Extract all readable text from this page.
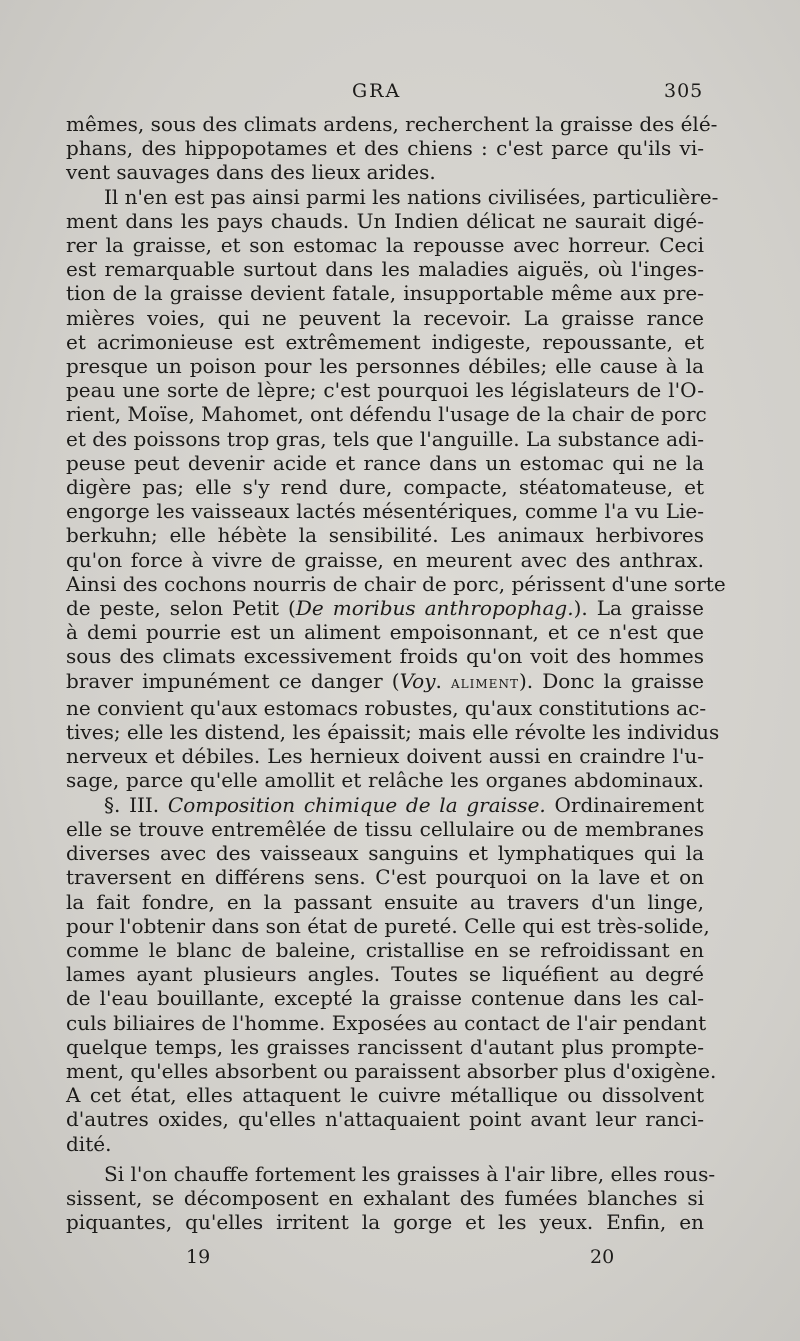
GRA	305
mêmes, sous des climats ardens, recherchent la graisse des élé-
phans, des hippopotames et des chiens : c'est parce qu'ils vi-
vent sauvages dans des lieux arides.
Il n'en est pas ainsi parmi les nations civilisées, particulière-
ment dans les pays chauds. Un Indien délicat ne saurait digé-
rer la graisse, et son estomac la repousse avec horreur. Ceci
est remarquable surtout dans les maladies aiguës, où l'inges-
tion de la graisse devient fatale, insupportable même aux pre-
mières voies, qui ne peuvent la recevoir. La graisse rance
et acrimonieuse est extrêmement indigeste, repoussante, et
presque un poison pour les personnes débiles; elle cause à la
peau une sorte de lèpre; c'est pourquoi les législateurs de l'O-
rient, Moïse, Mahomet, ont défendu l'usage de la chair de porc
et des poissons trop gras, tels que l'anguille. La substance adi-
peuse peut devenir acide et rance dans un estomac qui ne la
digère pas; elle s'y rend dure, compacte, stéatomateuse, et
engorge les vaisseaux lactés mésentériques, comme l'a vu Lie-
berkuhn; elle hébète la sensibilité. Les animaux herbivores
qu'on force à vivre de graisse, en meurent avec des anthrax.
Ainsi des cochons nourris de chair de porc, périssent d'une sorte
de peste, selon Petit (De moribus anthropophag.). La graisse
à demi pourrie est un aliment empoisonnant, et ce n'est que
sous des climats excessivement froids qu'on voit des hommes
braver impunément ce danger (Voy. ALIMENT). Donc la graisse
ne convient qu'aux estomacs robustes, qu'aux constitutions ac-
tives; elle les distend, les épaissit; mais elle révolte les individus
nerveux et débiles. Les hernieux doivent aussi en craindre l'u-
sage, parce qu'elle amollit et relâche les organes abdominaux.
§. III. Composition chimique de la graisse. Ordinairement
elle se trouve entremêlée de tissu cellulaire ou de membranes
diverses avec des vaisseaux sanguins et lymphatiques qui la
traversent en différens sens. C'est pourquoi on la lave et on
la fait fondre, en la passant ensuite au travers d'un linge,
pour l'obtenir dans son état de pureté. Celle qui est très-solide,
comme le blanc de baleine, cristallise en se refroidissant en
lames ayant plusieurs angles. Toutes se liquéfient au degré
de l'eau bouillante, excepté la graisse contenue dans les cal-
culs biliaires de l'homme. Exposées au contact de l'air pendant
quelque temps, les graisses rancissent d'autant plus prompte-
ment, qu'elles absorbent ou paraissent absorber plus d'oxigène.
A cet état, elles attaquent le cuivre métallique ou dissolvent
d'autres oxides, qu'elles n'attaquaient point avant leur ranci-
dité.
Si l'on chauffe fortement les graisses à l'air libre, elles rous-
sissent, se décomposent en exhalant des fumées blanches si
piquantes, qu'elles irritent la gorge et les yeux. Enfin, en
19	20
